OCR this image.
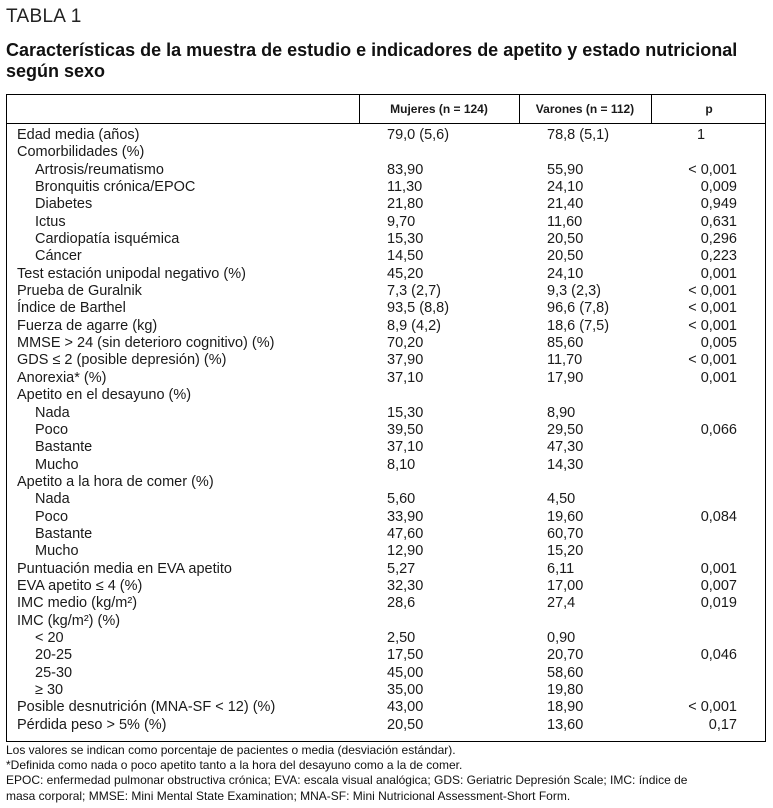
TABLA 1
Características de la muestra de estudio e indicadores de apetito y estado nutricional según sexo
Mujeres (n = 124)	Varones (n = 112)	p
Edad media (años)	79,0 (5,6)	78,8 (5,1)	1
Comorbilidades (%)
Artrosis/reumatismo	83,90	55,90	< 0,001
Bronquitis crónica/EPOC	11,30	24,10	0,009
Diabetes	21,80	21,40	0,949
Ictus	9,70	11,60	0,631
Cardiopatía isquémica	15,30	20,50	0,296
Cáncer	14,50	20,50	0,223
Test estación unipodal negativo (%)	45,20	24,10	0,001
Prueba de Guralnik	7,3 (2,7)	9,3 (2,3)	< 0,001
Índice de Barthel	93,5 (8,8)	96,6 (7,8)	< 0,001
Fuerza de agarre (kg)	8,9 (4,2)	18,6 (7,5)	< 0,001
MMSE > 24 (sin deterioro cognitivo) (%)	70,20	85,60	0,005
GDS ≤ 2 (posible depresión) (%)	37,90	11,70	< 0,001
Anorexia* (%)	37,10	17,90	0,001
Apetito en el desayuno (%)
Nada	15,30	8,90
Poco	39,50	29,50	0,066
Bastante	37,10	47,30
Mucho	8,10	14,30
Apetito a la hora de comer (%)
Nada	5,60	4,50
Poco	33,90	19,60	0,084
Bastante	47,60	60,70
Mucho	12,90	15,20
Puntuación media en EVA apetito	5,27	6,11	0,001
EVA apetito ≤ 4 (%)	32,30	17,00	0,007
IMC medio (kg/m²)	28,6	27,4	0,019
IMC (kg/m²) (%)
< 20	2,50	0,90
20-25	17,50	20,70	0,046
25-30	45,00	58,60
≥ 30	35,00	19,80
Posible desnutrición (MNA-SF < 12) (%)	43,00	18,90	< 0,001
Pérdida peso > 5% (%)	20,50	13,60	0,17
Los valores se indican como porcentaje de pacientes o media (desviación estándar).
*Definida como nada o poco apetito tanto a la hora del desayuno como a la de comer.
EPOC: enfermedad pulmonar obstructiva crónica; EVA: escala visual analógica; GDS: Geriatric Depresión Scale; IMC: índice de
masa corporal; MMSE: Mini Mental State Examination; MNA-SF: Mini Nutricional Assessment-Short Form.
